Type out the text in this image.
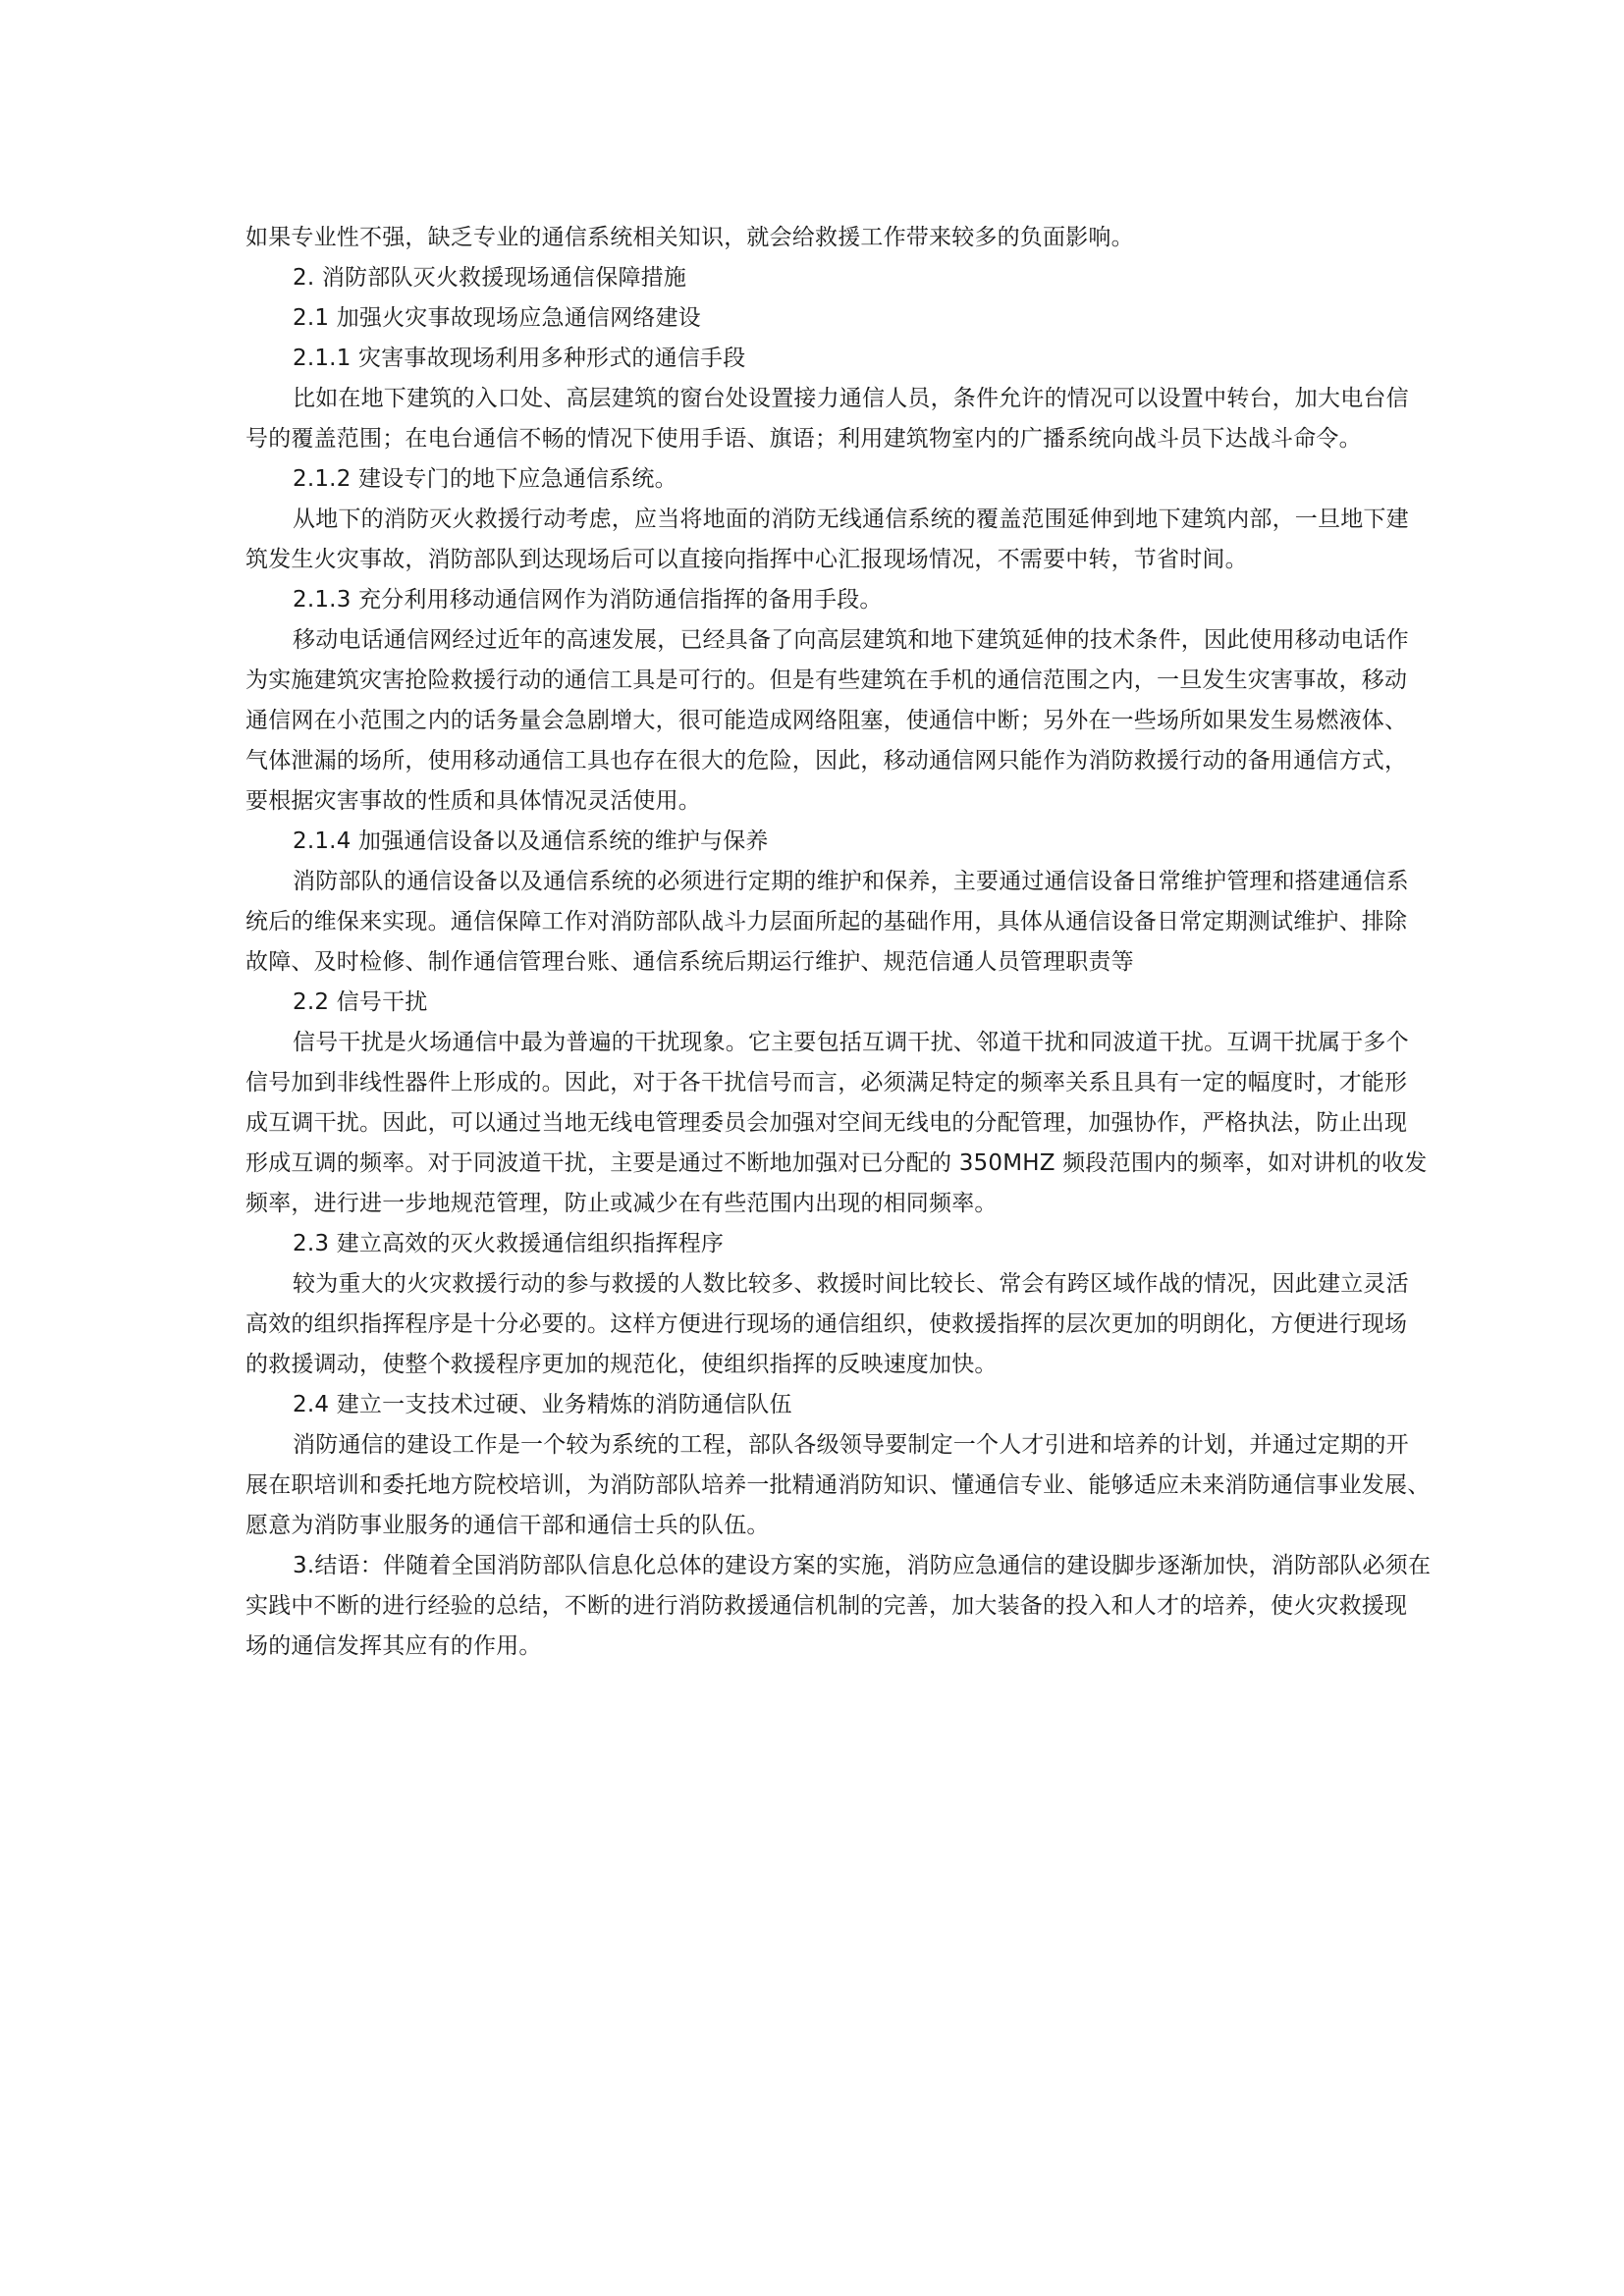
如果专业性不强，缺乏专业的通信系统相关知识，就会给救援工作带来较多的负面影响。
2. 消防部队灭火救援现场通信保障措施
2.1 加强火灾事故现场应急通信网络建设
2.1.1 灾害事故现场利用多种形式的通信手段
比如在地下建筑的入口处、高层建筑的窗台处设置接力通信人员，条件允许的情况可以设置中转台，加大电台信
号的覆盖范围；在电台通信不畅的情况下使用手语、旗语；利用建筑物室内的广播系统向战斗员下达战斗命令。
2.1.2 建设专门的地下应急通信系统。
从地下的消防灭火救援行动考虑，应当将地面的消防无线通信系统的覆盖范围延伸到地下建筑内部，一旦地下建
筑发生火灾事故，消防部队到达现场后可以直接向指挥中心汇报现场情况，不需要中转，节省时间。
2.1.3 充分利用移动通信网作为消防通信指挥的备用手段。
移动电话通信网经过近年的高速发展，已经具备了向高层建筑和地下建筑延伸的技术条件，因此使用移动电话作
为实施建筑灾害抢险救援行动的通信工具是可行的。但是有些建筑在手机的通信范围之内，一旦发生灾害事故，移动
通信网在小范围之内的话务量会急剧增大，很可能造成网络阻塞，使通信中断；另外在一些场所如果发生易燃液体、
气体泄漏的场所，使用移动通信工具也存在很大的危险，因此，移动通信网只能作为消防救援行动的备用通信方式，
要根据灾害事故的性质和具体情况灵活使用。
2.1.4 加强通信设备以及通信系统的维护与保养
消防部队的通信设备以及通信系统的必须进行定期的维护和保养，主要通过通信设备日常维护管理和搭建通信系
统后的维保来实现。通信保障工作对消防部队战斗力层面所起的基础作用，具体从通信设备日常定期测试维护、排除
故障、及时检修、制作通信管理台账、通信系统后期运行维护、规范信通人员管理职责等
2.2 信号干扰
信号干扰是火场通信中最为普遍的干扰现象。它主要包括互调干扰、邻道干扰和同波道干扰。互调干扰属于多个
信号加到非线性器件上形成的。因此，对于各干扰信号而言，必须满足特定的频率关系且具有一定的幅度时，才能形
成互调干扰。因此，可以通过当地无线电管理委员会加强对空间无线电的分配管理，加强协作，严格执法，防止出现
形成互调的频率。对于同波道干扰，主要是通过不断地加强对已分配的 350MHZ 频段范围内的频率，如对讲机的收发
频率，进行进一步地规范管理，防止或减少在有些范围内出现的相同频率。
2.3 建立高效的灭火救援通信组织指挥程序
较为重大的火灾救援行动的参与救援的人数比较多、救援时间比较长、常会有跨区域作战的情况，因此建立灵活
高效的组织指挥程序是十分必要的。这样方便进行现场的通信组织，使救援指挥的层次更加的明朗化，方便进行现场
的救援调动，使整个救援程序更加的规范化，使组织指挥的反映速度加快。
2.4 建立一支技术过硬、业务精炼的消防通信队伍
消防通信的建设工作是一个较为系统的工程，部队各级领导要制定一个人才引进和培养的计划，并通过定期的开
展在职培训和委托地方院校培训，为消防部队培养一批精通消防知识、懂通信专业、能够适应未来消防通信事业发展、
愿意为消防事业服务的通信干部和通信士兵的队伍。
3.结语：伴随着全国消防部队信息化总体的建设方案的实施，消防应急通信的建设脚步逐渐加快，消防部队必须在
实践中不断的进行经验的总结，不断的进行消防救援通信机制的完善，加大装备的投入和人才的培养，使火灾救援现
场的通信发挥其应有的作用。
